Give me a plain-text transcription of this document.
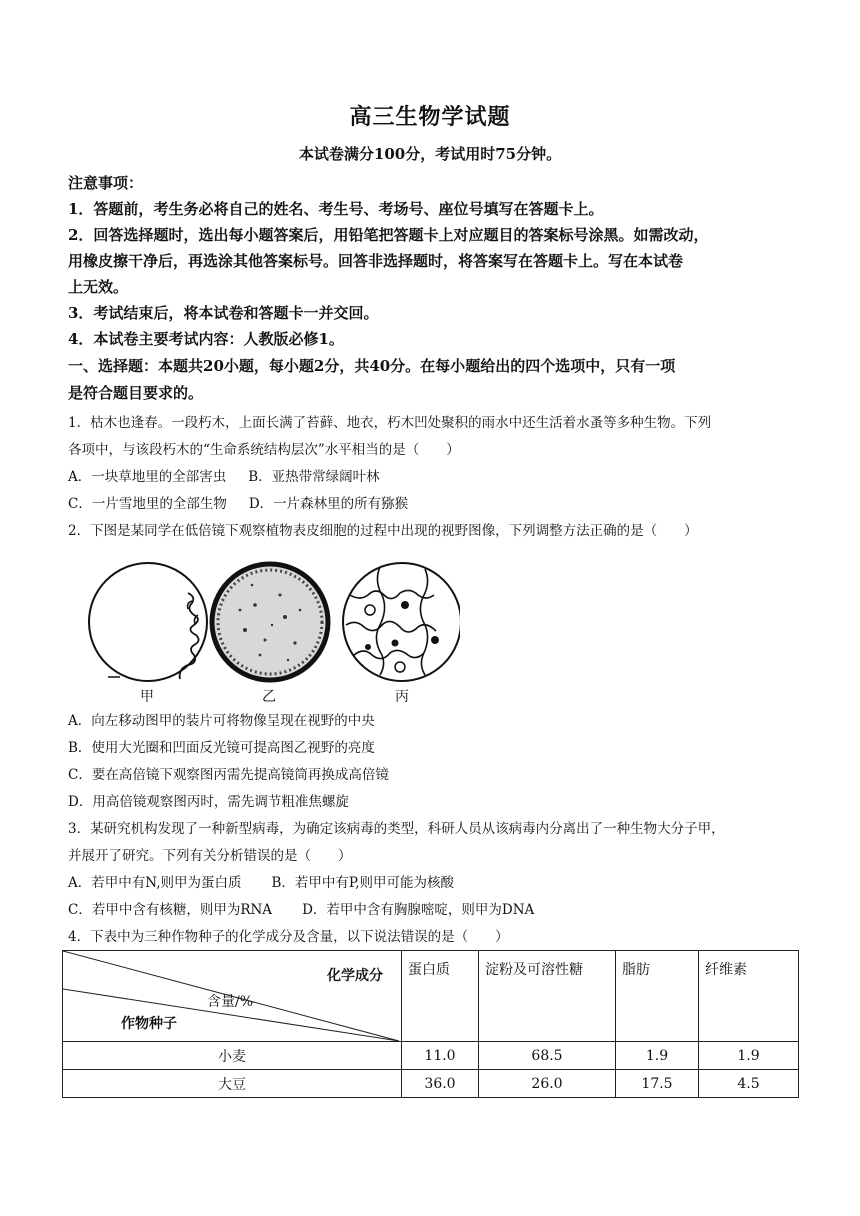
高三生物学试题
本试卷满分100分，考试用时75分钟。
注意事项：
1．答题前，考生务必将自己的姓名、考生号、考场号、座位号填写在答题卡上。
2．回答选择题时，选出每小题答案后，用铅笔把答题卡上对应题目的答案标号涂黑。如需改动，
用橡皮擦干净后，再选涂其他答案标号。回答非选择题时，将答案写在答题卡上。写在本试卷
上无效。
3．考试结束后，将本试卷和答题卡一并交回。
4．本试卷主要考试内容：人教版必修1。
一、选择题：本题共20小题，每小题2分，共40分。在每小题给出的四个选项中，只有一项
是符合题目要求的。
1．枯木也逢春。一段朽木，上面长满了苔藓、地衣，朽木凹处聚积的雨水中还生活着水蚤等多种生物。下列
各项中，与该段朽木的“生命系统结构层次”水平相当的是（　　）
A．一块草地里的全部害虫 B．亚热带常绿阔叶林
C．一片雪地里的全部生物 D．一片森林里的所有猕猴
2．下图是某同学在低倍镜下观察植物表皮细胞的过程中出现的视野图像，下列调整方法正确的是（　　）
甲	乙	丙
A．向左移动图甲的装片可将物像呈现在视野的中央
B．使用大光圈和凹面反光镜可提高图乙视野的亮度
C．要在高倍镜下观察图丙需先提高镜筒再换成高倍镜
D．用高倍镜观察图丙时，需先调节粗准焦螺旋
3．某研究机构发现了一种新型病毒，为确定该病毒的类型，科研人员从该病毒内分离出了一种生物大分子甲，
并展开了研究。下列有关分析错误的是（　　）
A．若甲中有N,则甲为蛋白质 B．若甲中有P,则甲可能为核酸
C．若甲中含有核糖，则甲为RNA D．若甲中含有胸腺嘧啶，则甲为DNA
4．下表中为三种作物种子的化学成分及含量，以下说法错误的是（　　）
化学成分
含量/%
作物种子	蛋白质	淀粉及可溶性糖	脂肪	纤维素
小麦	11.0	68.5	1.9	1.9
大豆	36.0	26.0	17.5	4.5
